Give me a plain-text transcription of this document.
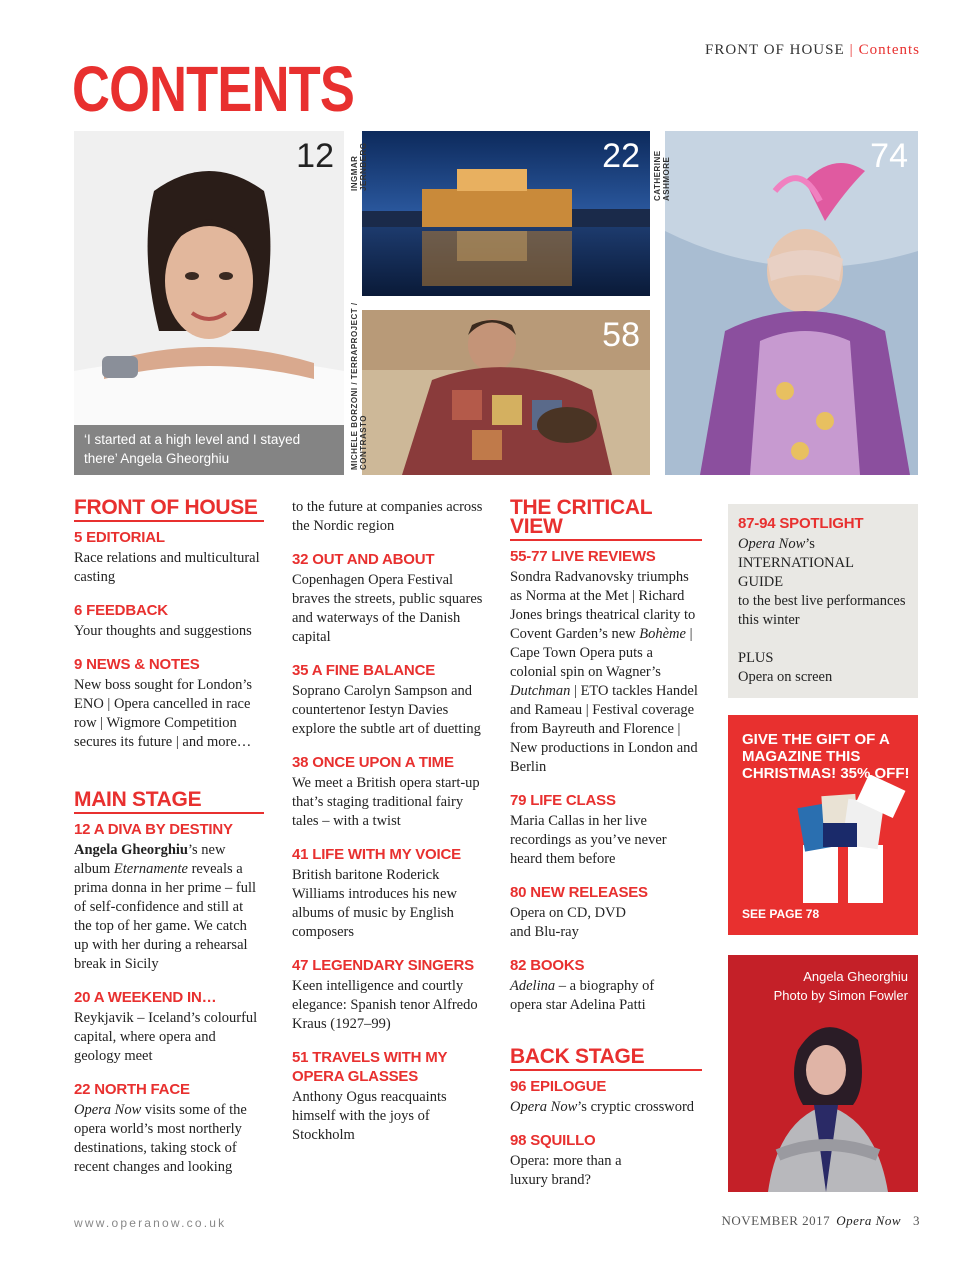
FRONT OF HOUSE | Contents
CONTENTS
12
‘I started at a high level and I stayed there’ Angela Gheorghiu
22
INGMAR JERNBERG
58
MICHELE BORZONI / TERRAPROJECT / CONTRASTO
74
CATHERINE ASHMORE
FRONT OF HOUSE
5 EDITORIAL
Race relations and multicultural casting
6 FEEDBACK
Your thoughts and suggestions
9 NEWS & NOTES
New boss sought for London’s ENO | Opera cancelled in race row | Wigmore Competition secures its future | and more…
MAIN STAGE
12 A DIVA BY DESTINY
Angela Gheorghiu’s new album Eternamente reveals a prima donna in her prime – full of self-confidence and still at the top of her game. We catch up with her during a rehearsal break in Sicily
20 A WEEKEND IN…
Reykjavik – Iceland’s colourful capital, where opera and geology meet
22 NORTH FACE
Opera Now visits some of the opera world’s most northerly destinations, taking stock of recent changes and looking
to the future at companies across the Nordic region
32 OUT AND ABOUT
Copenhagen Opera Festival braves the streets, public squares and waterways of the Danish capital
35 A FINE BALANCE
Soprano Carolyn Sampson and countertenor Iestyn Davies explore the subtle art of duetting
38 ONCE UPON A TIME
We meet a British opera start-up that’s staging traditional fairy tales – with a twist
41 LIFE WITH MY VOICE
British baritone Roderick Williams introduces his new albums of music by English composers
47 LEGENDARY SINGERS
Keen intelligence and courtly elegance: Spanish tenor Alfredo Kraus (1927–99)
51 TRAVELS WITH MY OPERA GLASSES
Anthony Ogus reacquaints himself with the joys of Stockholm
THE CRITICAL VIEW
55-77 LIVE REVIEWS
Sondra Radvanovsky triumphs as Norma at the Met | Richard Jones brings theatrical clarity to Covent Garden’s new Bohème | Cape Town Opera puts a colonial spin on Wagner’s Dutchman | ETO tackles Handel and Rameau | Festival coverage from Bayreuth and Florence | New productions in London and Berlin
79 LIFE CLASS
Maria Callas in her live recordings as you’ve never heard them before
80 NEW RELEASES
Opera on CD, DVD and Blu-ray
82 BOOKS
Adelina – a biography of opera star Adelina Patti
BACK STAGE
96 EPILOGUE
Opera Now’s cryptic crossword
98 SQUILLO
Opera: more than a luxury brand?
87-94 SPOTLIGHT
Opera Now’s
INTERNATIONAL GUIDE
to the best live performances this winter
PLUS
Opera on screen
GIVE THE GIFT OF A MAGAZINE THIS CHRISTMAS! 35% OFF!
SEE PAGE 78
Angela Gheorghiu
Photo by Simon Fowler
www.operanow.co.uk	NOVEMBER 2017 Opera Now 3
